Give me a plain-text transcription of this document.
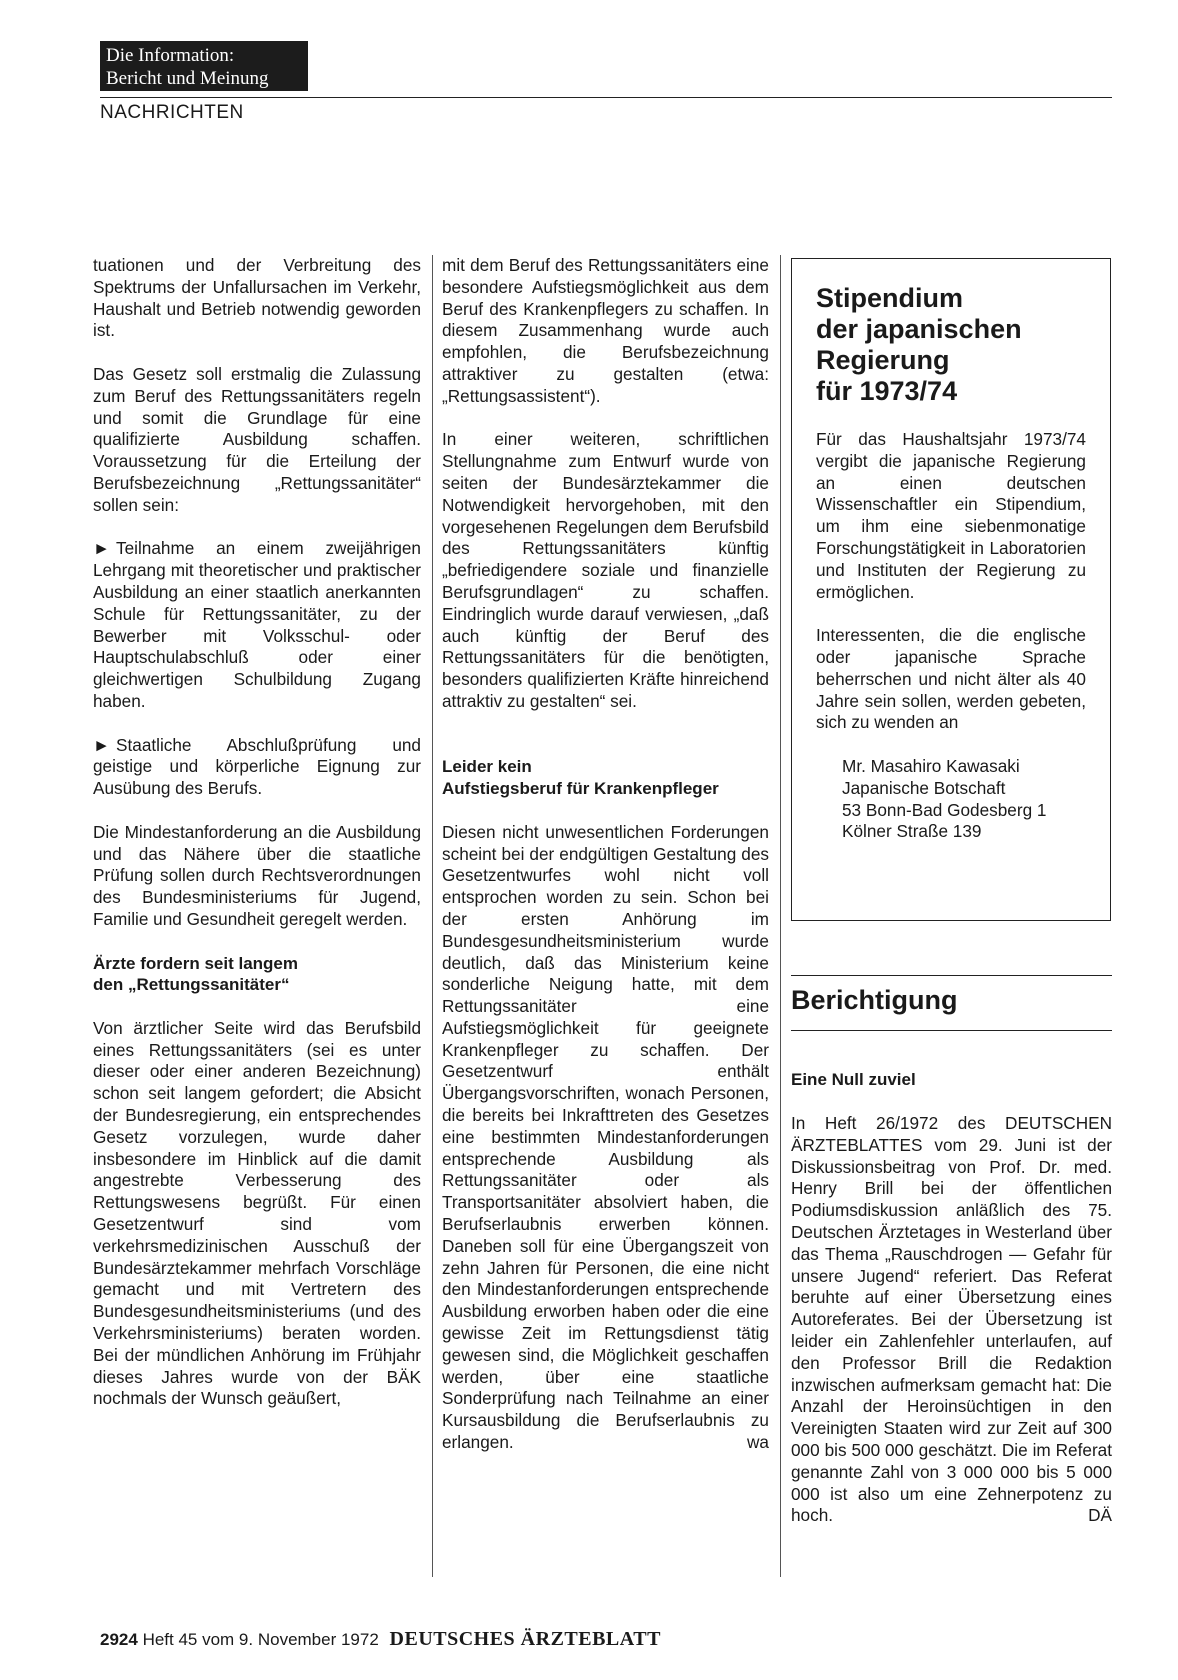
Die Information:
Bericht und Meinung
NACHRICHTEN

tuationen und der Verbreitung des Spektrums der Unfallursachen im Verkehr, Haushalt und Betrieb notwendig geworden ist.

Das Gesetz soll erstmalig die Zulassung zum Beruf des Rettungssanitäters regeln und somit die Grundlage für eine qualifizierte Ausbildung schaffen. Voraussetzung für die Erteilung der Berufsbezeichnung „Rettungssanitäter“ sollen sein:

► Teilnahme an einem zweijährigen Lehrgang mit theoretischer und praktischer Ausbildung an einer staatlich anerkannten Schule für Rettungssanitäter, zu der Bewerber mit Volksschul- oder Hauptschulabschluß oder einer gleichwertigen Schulbildung Zugang haben.

► Staatliche Abschlußprüfung und geistige und körperliche Eignung zur Ausübung des Berufs.

Die Mindestanforderung an die Ausbildung und das Nähere über die staatliche Prüfung sollen durch Rechtsverordnungen des Bundesministeriums für Jugend, Familie und Gesundheit geregelt werden.

Ärzte fordern seit langem
den „Rettungssanitäter“

Von ärztlicher Seite wird das Berufsbild eines Rettungssanitäters (sei es unter dieser oder einer anderen Bezeichnung) schon seit langem gefordert; die Absicht der Bundesregierung, ein entsprechendes Gesetz vorzulegen, wurde daher insbesondere im Hinblick auf die damit angestrebte Verbesserung des Rettungswesens begrüßt. Für einen Gesetzentwurf sind vom verkehrsmedizinischen Ausschuß der Bundesärztekammer mehrfach Vorschläge gemacht und mit Vertretern des Bundesgesundheitsministeriums (und des Verkehrsministeriums) beraten worden. Bei der mündlichen Anhörung im Frühjahr dieses Jahres wurde von der BÄK nochmals der Wunsch geäußert,

mit dem Beruf des Rettungssanitäters eine besondere Aufstiegsmöglichkeit aus dem Beruf des Krankenpflegers zu schaffen. In diesem Zusammenhang wurde auch empfohlen, die Berufsbezeichnung attraktiver zu gestalten (etwa: „Rettungsassistent“).

In einer weiteren, schriftlichen Stellungnahme zum Entwurf wurde von seiten der Bundesärztekammer die Notwendigkeit hervorgehoben, mit den vorgesehenen Regelungen dem Berufsbild des Rettungssanitäters künftig „befriedigendere soziale und finanzielle Berufsgrundlagen“ zu schaffen. Eindringlich wurde darauf verwiesen, „daß auch künftig der Beruf des Rettungssanitäters für die benötigten, besonders qualifizierten Kräfte hinreichend attraktiv zu gestalten“ sei.

Leider kein
Aufstiegsberuf für Krankenpfleger

Diesen nicht unwesentlichen Forderungen scheint bei der endgültigen Gestaltung des Gesetzentwurfes wohl nicht voll entsprochen worden zu sein. Schon bei der ersten Anhörung im Bundesgesundheitsministerium wurde deutlich, daß das Ministerium keine sonderliche Neigung hatte, mit dem Rettungssanitäter eine Aufstiegsmöglichkeit für geeignete Krankenpfleger zu schaffen. Der Gesetzentwurf enthält Übergangsvorschriften, wonach Personen, die bereits bei Inkrafttreten des Gesetzes eine bestimmten Mindestanforderungen entsprechende Ausbildung als Rettungssanitäter oder als Transportsanitäter absolviert haben, die Berufserlaubnis erwerben können. Daneben soll für eine Übergangszeit von zehn Jahren für Personen, die eine nicht den Mindestanforderungen entsprechende Ausbildung erworben haben oder die eine gewisse Zeit im Rettungsdienst tätig gewesen sind, die Möglichkeit geschaffen werden, über eine staatliche Sonderprüfung nach Teilnahme an einer Kursausbildung die Berufserlaubnis zu erlangen.	wa

Stipendium
der japanischen
Regierung
für 1973/74

Für das Haushaltsjahr 1973/74 vergibt die japanische Regierung an einen deutschen Wissenschaftler ein Stipendium, um ihm eine siebenmonatige Forschungstätigkeit in Laboratorien und Instituten der Regierung zu ermöglichen.

Interessenten, die die englische oder japanische Sprache beherrschen und nicht älter als 40 Jahre sein sollen, werden gebeten, sich zu wenden an

Mr. Masahiro Kawasaki
Japanische Botschaft
53 Bonn-Bad Godesberg 1
Kölner Straße 139
Berichtigung
Eine Null zuviel
In Heft 26/1972 des DEUTSCHEN ÄRZTEBLATTES vom 29. Juni ist der Diskussionsbeitrag von Prof. Dr. med. Henry Brill bei der öffentlichen Podiumsdiskussion anläßlich des 75. Deutschen Ärztetages in Westerland über das Thema „Rauschdrogen — Gefahr für unsere Jugend“ referiert. Das Referat beruhte auf einer Übersetzung eines Autoreferates. Bei der Übersetzung ist leider ein Zahlenfehler unterlaufen, auf den Professor Brill die Redaktion inzwischen aufmerksam gemacht hat: Die Anzahl der Heroinsüchtigen in den Vereinigten Staaten wird zur Zeit auf 300 000 bis 500 000 geschätzt. Die im Referat genannte Zahl von 3 000 000 bis 5 000 000 ist also um eine Zehnerpotenz zu hoch.	DÄ
2924 Heft 45 vom 9. November 1972 DEUTSCHES ÄRZTEBLATT
